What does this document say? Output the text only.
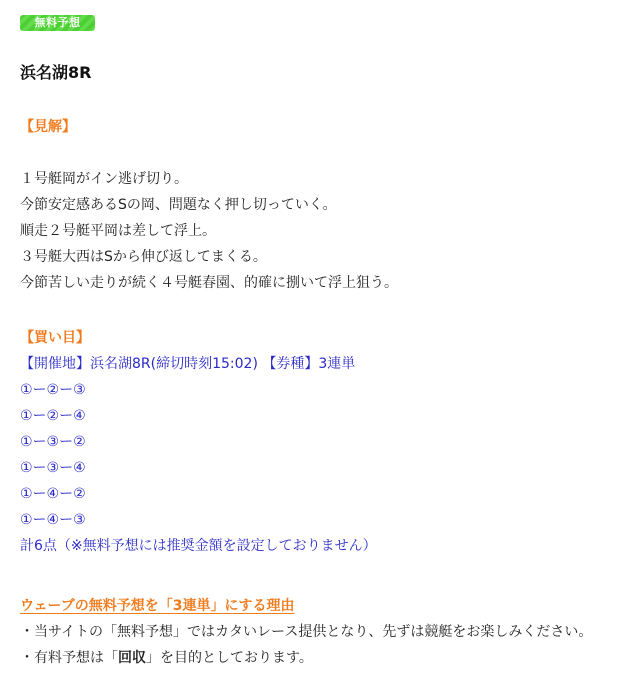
無料予想
浜名湖8R
【見解】
１号艇岡がイン逃げ切り。
今節安定感あるSの岡、問題なく押し切っていく。
順走２号艇平岡は差して浮上。
３号艇大西はSから伸び返してまくる。
今節苦しい走りが続く４号艇春園、的確に捌いて浮上狙う。
【買い目】
【開催地】浜名湖8R(締切時刻15:02) 【券種】3連単
①ー②ー③
①ー②ー④
①ー③ー②
①ー③ー④
①ー④ー②
①ー④ー③
計6点（※無料予想には推奨金額を設定しておりません）
ウェーブの無料予想を「3連単」にする理由
・当サイトの「無料予想」ではカタいレース提供となり、先ずは競艇をお楽しみください。
・有料予想は「回収」を目的としております。
